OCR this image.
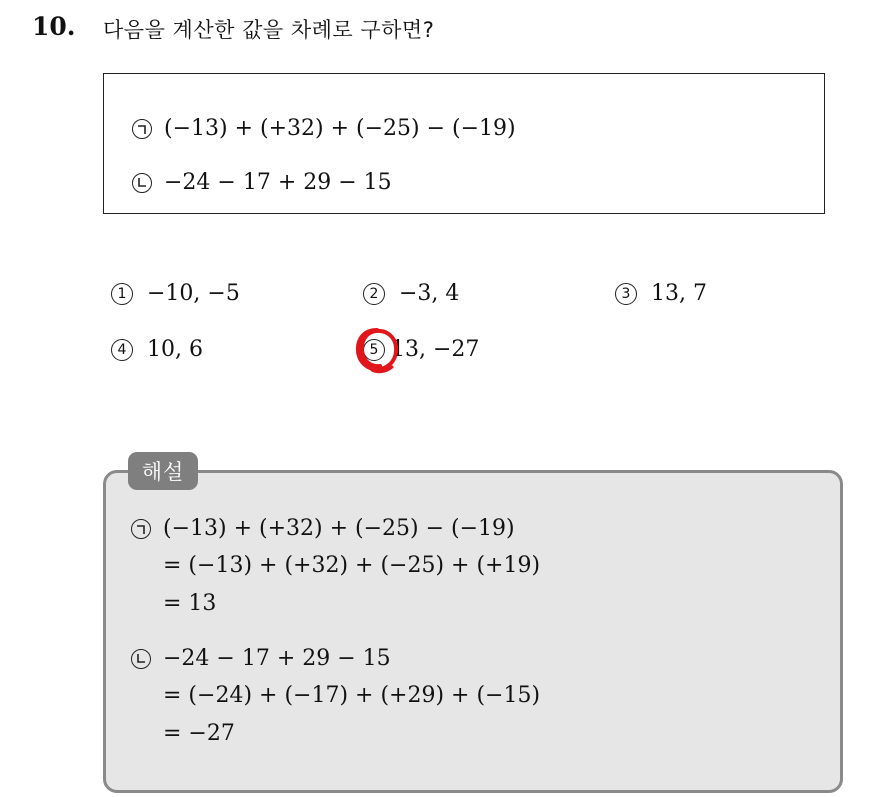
10. 다음을 계산한 값을 차례로 구하면?
(−13) + (+32) + (−25) − (−19)
−24 − 17 + 29 − 15
1 −10, −5	2 −3, 4	3 13, 7
4 10, 6	5 13, −27
해설
(−13) + (+32) + (−25) − (−19)
= (−13) + (+32) + (−25) + (+19)
= 13
−24 − 17 + 29 − 15
= (−24) + (−17) + (+29) + (−15)
= −27
